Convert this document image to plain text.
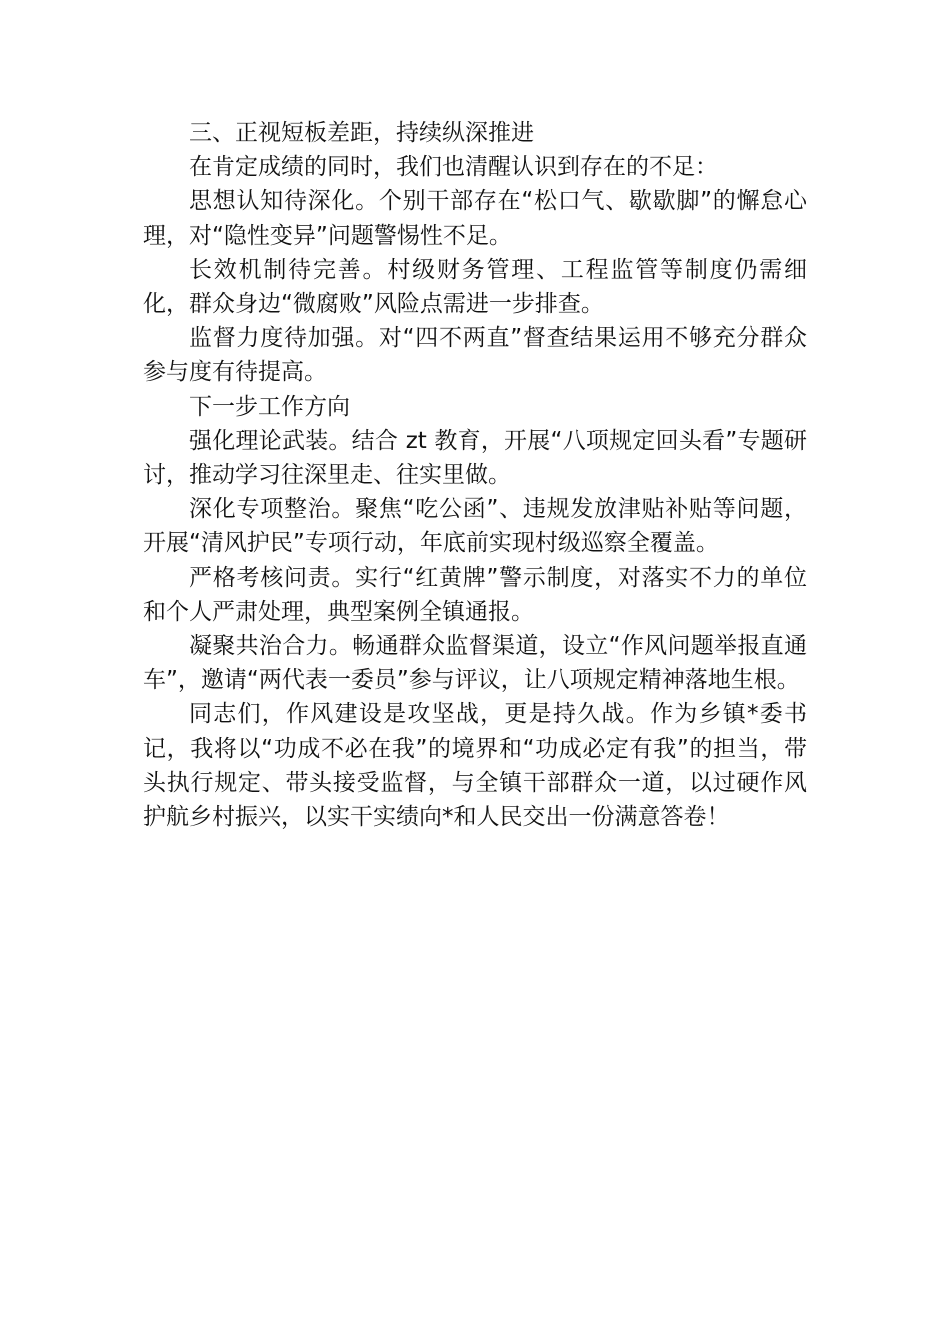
三、正视短板差距，持续纵深推进

在肯定成绩的同时，我们也清醒认识到存在的不足：

思想认知待深化。个别干部存在“松口气、歇歇脚”的懈怠心理，对“隐性变异”问题警惕性不足。

长效机制待完善。村级财务管理、工程监管等制度仍需细化，群众身边“微腐败”风险点需进一步排查。

监督力度待加强。对“四不两直”督查结果运用不够充分群众参与度有待提高。

下一步工作方向

强化理论武装。结合 zt 教育，开展“八项规定回头看”专题研讨，推动学习往深里走、往实里做。

深化专项整治。聚焦“吃公函”、违规发放津贴补贴等问题，开展“清风护民”专项行动，年底前实现村级巡察全覆盖。

严格考核问责。实行“红黄牌”警示制度，对落实不力的单位和个人严肃处理，典型案例全镇通报。

凝聚共治合力。畅通群众监督渠道，设立“作风问题举报直通车”，邀请“两代表一委员”参与评议，让八项规定精神落地生根。

同志们，作风建设是攻坚战，更是持久战。作为乡镇*委书记，我将以“功成不必在我”的境界和“功成必定有我”的担当，带头执行规定、带头接受监督，与全镇干部群众一道，以过硬作风护航乡村振兴，以实干实绩向*和人民交出一份满意答卷！
